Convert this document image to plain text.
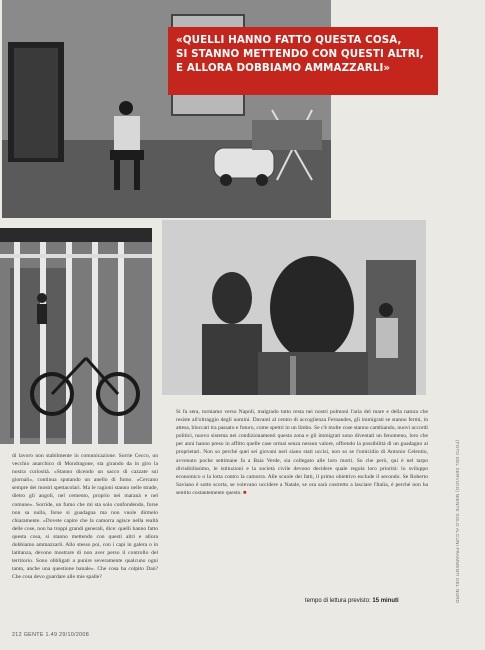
«QUELLI HANNO FATTO QUESTA COSA,
SI STANNO METTENDO CON QUESTI ALTRI,
E ALLORA DOBBIAMO AMMAZZARLI»
di lavoro non stabilmente in comunicazione. Sorrie Cecco, un vecchio anarchico di Mondragone, sta girando da in giro la nostra curiosità. «Stanno dicendo un sacco di cazzate sui giornali», continua sputando un anello di fumo. «Cercano sempre dei mostri spettacolari. Ma le ragioni stanno nelle strade, dietro gli angoli, nel cemento, proprio nei maranà e nel comune». Sorride, un fumo che mi sta solo confondendo, forse non sa nulla, forse si guadagna ma non vuole dirmelo chiaramente. «Dovete capire che la camorra agisce nella realtà delle cose, non ha troppi grandi generali, dice: quelli hanno fatto questa cosa, si stanno mettendo con questi altri e allora dobbiamo ammazzarli. Allo stesso poi, con i capi in galera o in latitanza, devono mostrare di non aver perso il controllo del territorio. Sono obbligati a punire severamente qualcuno ogni tanto, anche una questione banale». Che cosa ha colpito Dan? Che cosa devo guardare alle mie spalle?
Si fa sera, torniamo verso Napoli, malgrado tutto resta nei nostri polmoni l'aria del mare e della natura che resiste all'oltraggio degli uomini. Davanti al centro di accoglienza Fernandes, gli immigrati se stanno fermi, in attesa, bloccati tra passato e futuro, come spettri in un limbo. Se c'è molte cose stanno cambiando, nuovi accordi politici, nuovo sistema nei condizionamenti questa zona e gli immigrati sono diventati un fenomeno, loro che per anni hanno preso in affitto quelle case ormai senza nessun valore, offrendo la possibilità di un guadagno ai proprietari. Non so perché quei sei giovani neri siano stati uccisi, non so se l'omicidio di Antonio Celentio, avvenuto poche settimane fa a Baia Verde, sia collegato alle loro morti. So che però, qui è nel tarpo divisibilissimo, le istituzioni e la società civile devono decidere quale regola loro priorità: lo sviluppo economico o la lotta contro la camorra. Alle scuole dei fatti, il primo obiettivo esclude il secondo. Se Roberto Saviano è sotto scorta, se volevano uccidere a Natale, se ora sarà costretto a lasciare l'Italia, è perché non ha sentito costantemente questo. ■
tempo di lettura previsto: 15 minuti
212 GENTE 1.49 29/10/2008
(FOTO DEL SERVIZIO) NIENTE SOLO ALCUNI FRAMMENTI DEL NORD
